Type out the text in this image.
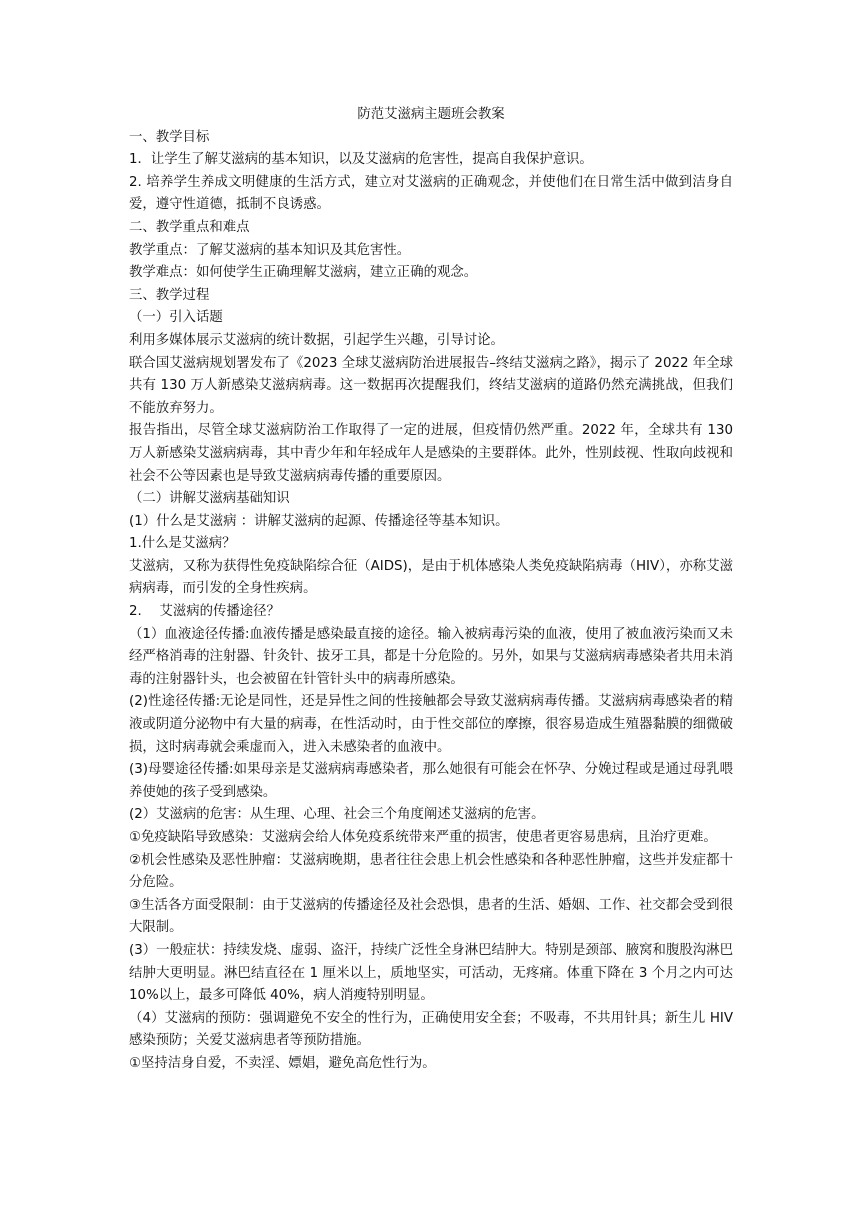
防范艾滋病主题班会教案

一、教学目标

1．让学生了解艾滋病的基本知识，以及艾滋病的危害性，提高自我保护意识。

2. 培养学生养成文明健康的生活方式，建立对艾滋病的正确观念，并使他们在日常生活中做到洁身自爱，遵守性道德，抵制不良诱惑。

二、教学重点和难点

教学重点：了解艾滋病的基本知识及其危害性。

教学难点：如何使学生正确理解艾滋病，建立正确的观念。

三、教学过程

（一）引入话题

利用多媒体展示艾滋病的统计数据，引起学生兴趣，引导讨论。

联合国艾滋病规划署发布了《2023 全球艾滋病防治进展报告–终结艾滋病之路》，揭示了 2022 年全球共有 130 万人新感染艾滋病病毒。这一数据再次提醒我们，终结艾滋病的道路仍然充满挑战，但我们不能放弃努力。

报告指出，尽管全球艾滋病防治工作取得了一定的进展，但疫情仍然严重。2022 年，全球共有 130 万人新感染艾滋病病毒，其中青少年和年轻成年人是感染的主要群体。此外，性别歧视、性取向歧视和社会不公等因素也是导致艾滋病病毒传播的重要原因。

（二）讲解艾滋病基础知识

(1）什么是艾滋病 ：讲解艾滋病的起源、传播途径等基本知识。

1.什么是艾滋病？

艾滋病，又称为获得性免疫缺陷综合征（AIDS)，是由于机体感染人类免疫缺陷病毒（HIV），亦称艾滋病病毒，而引发的全身性疾病。

2.　 艾滋病的传播途径？

（1）血液途径传播:血液传播是感染最直接的途径。输入被病毒污染的血液，使用了被血液污染而又未经严格消毒的注射器、针灸针、拔牙工具，都是十分危险的。另外，如果与艾滋病病毒感染者共用未消毒的注射器针头，也会被留在针管针头中的病毒所感染。

(2)性途径传播:无论是同性，还是异性之间的性接触都会导致艾滋病病毒传播。艾滋病病毒感染者的精液或阴道分泌物中有大量的病毒，在性活动时，由于性交部位的摩擦，很容易造成生殖器黏膜的细微破损，这时病毒就会乘虚而入，进入未感染者的血液中。

(3)母婴途径传播:如果母亲是艾滋病病毒感染者，那么她很有可能会在怀孕、分娩过程或是通过母乳喂养使她的孩子受到感染。

(2）艾滋病的危害：从生理、心理、社会三个角度阐述艾滋病的危害。

①免疫缺陷导致感染：艾滋病会给人体免疫系统带来严重的损害，使患者更容易患病，且治疗更难。

②机会性感染及恶性肿瘤：艾滋病晚期，患者往往会患上机会性感染和各种恶性肿瘤，这些并发症都十分危险。

③生活各方面受限制：由于艾滋病的传播途径及社会恐惧，患者的生活、婚姻、工作、社交都会受到很大限制。

(3）一般症状：持续发烧、虚弱、盗汗，持续广泛性全身淋巴结肿大。特别是颈部、腋窝和腹股沟淋巴结肿大更明显。淋巴结直径在 1 厘米以上，质地坚实，可活动，无疼痛。体重下降在 3 个月之内可达 10%以上，最多可降低 40%，病人消瘦特别明显。

（4）艾滋病的预防：强调避免不安全的性行为，正确使用安全套；不吸毒，不共用针具；新生儿 HIV 感染预防；关爱艾滋病患者等预防措施。

①坚持洁身自爱，不卖淫、嫖娼，避免高危性行为。
